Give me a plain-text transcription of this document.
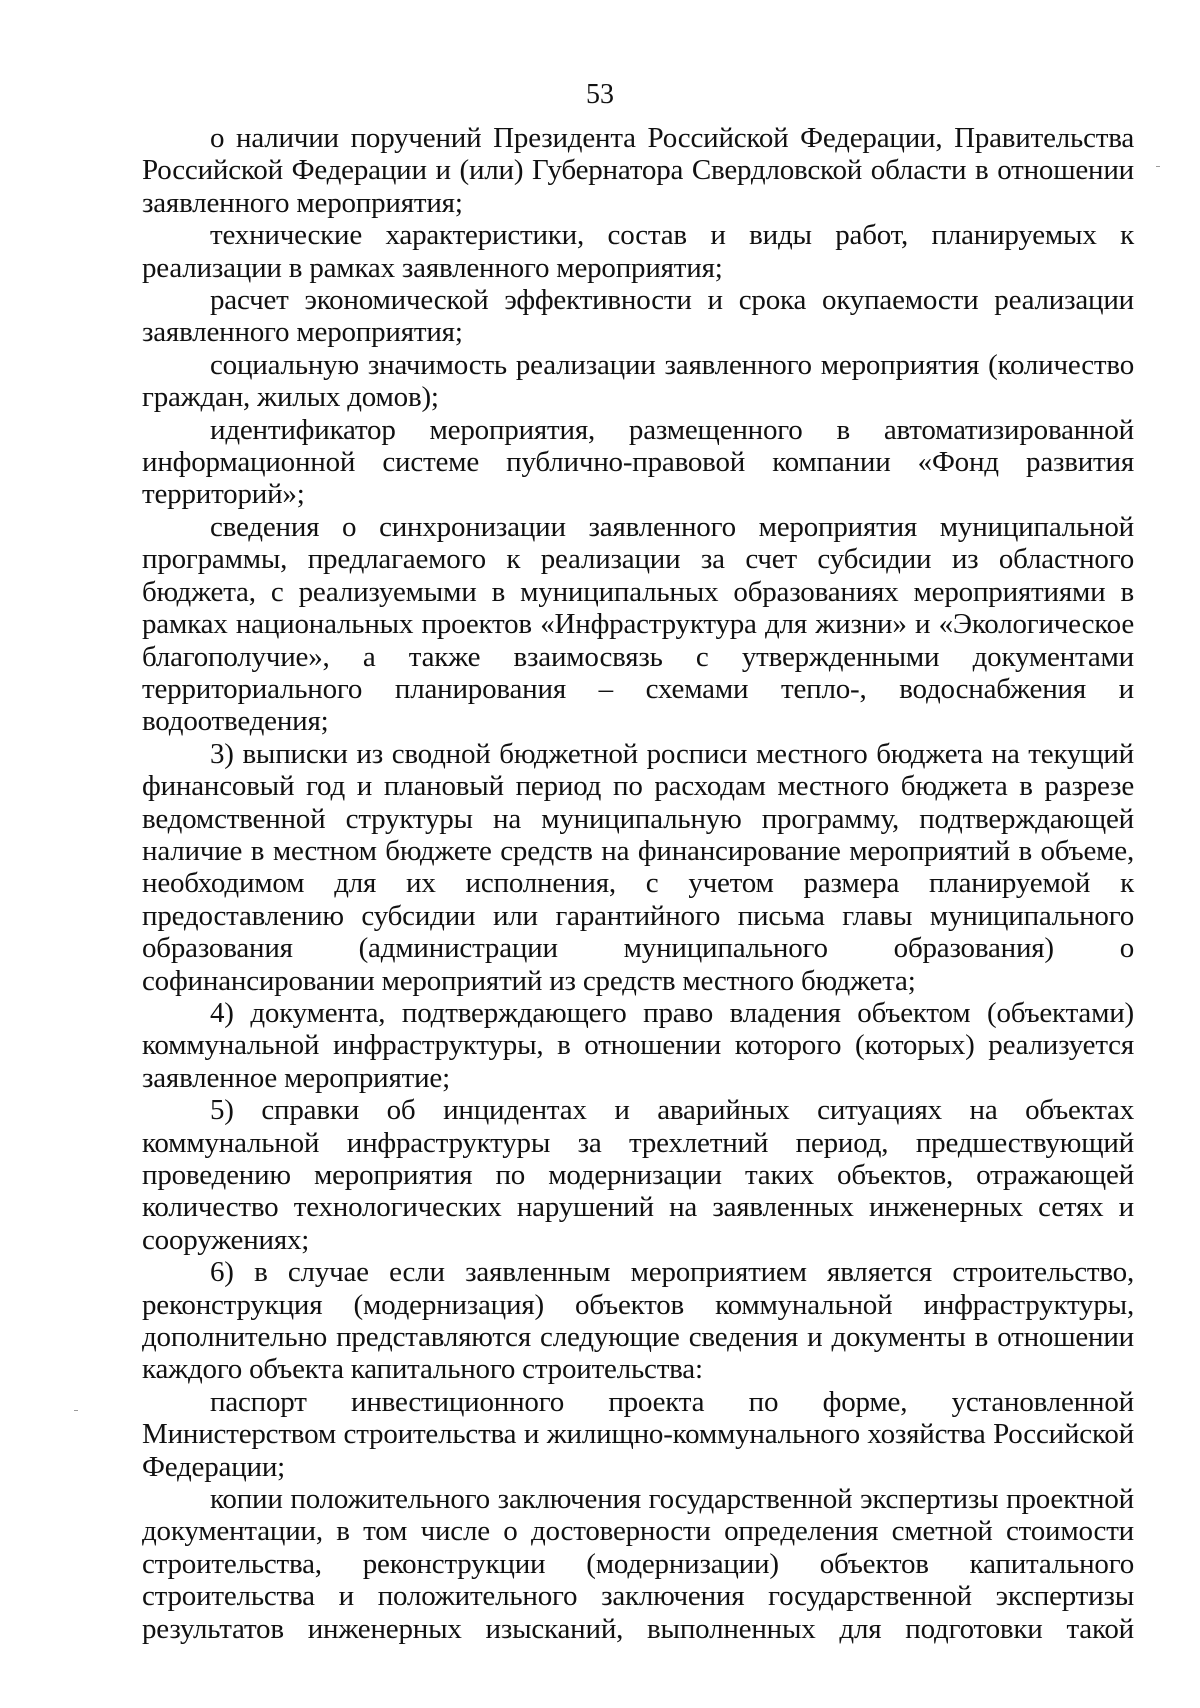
53

о наличии поручений Президента Российской Федерации, Правительства Российской Федерации и (или) Губернатора Свердловской области в отношении заявленного мероприятия;

технические характеристики, состав и виды работ, планируемых к реализации в рамках заявленного мероприятия;

расчет экономической эффективности и срока окупаемости реализации заявленного мероприятия;

социальную значимость реализации заявленного мероприятия (количество граждан, жилых домов);

идентификатор мероприятия, размещенного в автоматизированной информационной системе публично-правовой компании «Фонд развития территорий»;

сведения о синхронизации заявленного мероприятия муниципальной программы, предлагаемого к реализации за счет субсидии из областного бюджета, с реализуемыми в муниципальных образованиях мероприятиями в рамках национальных проектов «Инфраструктура для жизни» и «Экологическое благополучие», а также взаимосвязь с утвержденными документами территориального планирования – схемами тепло-, водоснабжения и водоотведения;

3) выписки из сводной бюджетной росписи местного бюджета на текущий финансовый год и плановый период по расходам местного бюджета в разрезе ведомственной структуры на муниципальную программу, подтверждающей наличие в местном бюджете средств на финансирование мероприятий в объеме, необходимом для их исполнения, с учетом размера планируемой к предоставлению субсидии или гарантийного письма главы муниципального образования (администрации муниципального образования) о софинансировании мероприятий из средств местного бюджета;

4) документа, подтверждающего право владения объектом (объектами) коммунальной инфраструктуры, в отношении которого (которых) реализуется заявленное мероприятие;

5) справки об инцидентах и аварийных ситуациях на объектах коммунальной инфраструктуры за трехлетний период, предшествующий проведению мероприятия по модернизации таких объектов, отражающей количество технологических нарушений на заявленных инженерных сетях и сооружениях;

6) в случае если заявленным мероприятием является строительство, реконструкция (модернизация) объектов коммунальной инфраструктуры, дополнительно представляются следующие сведения и документы в отношении каждого объекта капитального строительства:

паспорт инвестиционного проекта по форме, установленной Министерством строительства и жилищно-коммунального хозяйства Российской Федерации;

копии положительного заключения государственной экспертизы проектной документации, в том числе о достоверности определения сметной стоимости строительства, реконструкции (модернизации) объектов капитального строительства и положительного заключения государственной экспертизы результатов инженерных изысканий, выполненных для подготовки такой
